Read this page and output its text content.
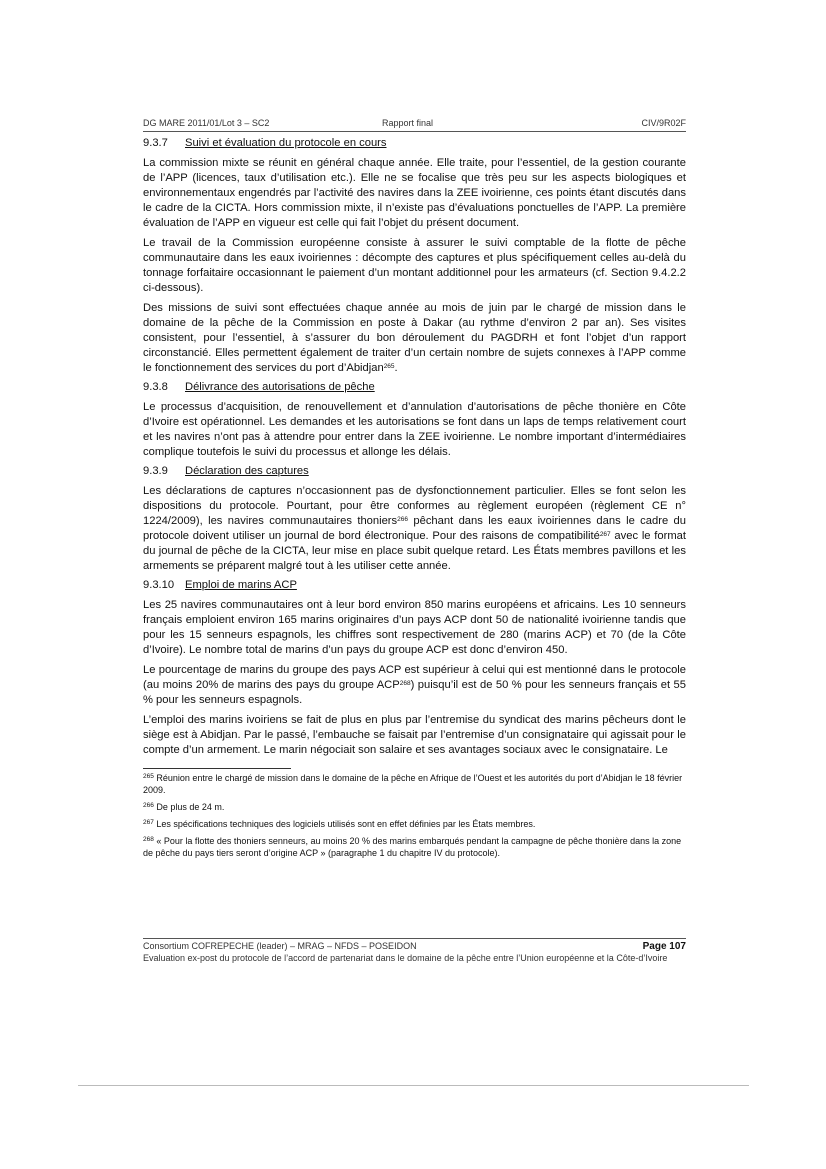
DG MARE 2011/01/Lot 3 – SC2	Rapport final	CIV/9R02F
9.3.7	Suivi et évaluation du protocole en cours

La commission mixte se réunit en général chaque année. Elle traite, pour l’essentiel, de la gestion courante de l’APP (licences, taux d’utilisation etc.). Elle ne se focalise que très peu sur les aspects biologiques et environnementaux engendrés par l’activité des navires dans la ZEE ivoirienne, ces points étant discutés dans le cadre de la CICTA. Hors commission mixte, il n’existe pas d’évaluations ponctuelles de l’APP. La première évaluation de l’APP en vigueur est celle qui fait l’objet du présent document.

Le travail de la Commission européenne consiste à assurer le suivi comptable de la flotte de pêche communautaire dans les eaux ivoiriennes : décompte des captures et plus spécifiquement celles au-delà du tonnage forfaitaire occasionnant le paiement d’un montant additionnel pour les armateurs (cf. Section 9.4.2.2 ci-dessous).

Des missions de suivi sont effectuées chaque année au mois de juin par le chargé de mission dans le domaine de la pêche de la Commission en poste à Dakar (au rythme d’environ 2 par an). Ses visites consistent, pour l’essentiel, à s’assurer du bon déroulement du PAGDRH et font l’objet d’un rapport circonstancié. Elles permettent également de traiter d’un certain nombre de sujets connexes à l’APP comme le fonctionnement des services du port d’Abidjan$^{265}$.

9.3.8	Délivrance des autorisations de pêche

Le processus d’acquisition, de renouvellement et d’annulation d’autorisations de pêche thonière en Côte d’Ivoire est opérationnel. Les demandes et les autorisations se font dans un laps de temps relativement court et les navires n’ont pas à attendre pour entrer dans la ZEE ivoirienne. Le nombre important d’intermédiaires complique toutefois le suivi du processus et allonge les délais.

9.3.9	Déclaration des captures

Les déclarations de captures n’occasionnent pas de dysfonctionnement particulier. Elles se font selon les dispositions du protocole. Pourtant, pour être conformes au règlement européen (règlement CE n° 1224/2009), les navires communautaires thoniers$^{266}$ pêchant dans les eaux ivoiriennes dans le cadre du protocole doivent utiliser un journal de bord électronique. Pour des raisons de compatibilité$^{267}$ avec le format du journal de pêche de la CICTA, leur mise en place subit quelque retard. Les États membres pavillons et les armements se préparent malgré tout à les utiliser cette année.

9.3.10 Emploi de marins ACP

Les 25 navires communautaires ont à leur bord environ 850 marins européens et africains. Les 10 senneurs français emploient environ 165 marins originaires d’un pays ACP dont 50 de nationalité ivoirienne tandis que pour les 15 senneurs espagnols, les chiffres sont respectivement de 280 (marins ACP) et 70 (de la Côte d’Ivoire). Le nombre total de marins d’un pays du groupe ACP est donc d’environ 450.

Le pourcentage de marins du groupe des pays ACP est supérieur à celui qui est mentionné dans le protocole (au moins 20% de marins des pays du groupe ACP$^{268}$) puisqu’il est de 50 % pour les senneurs français et 55 % pour les senneurs espagnols.

L’emploi des marins ivoiriens se fait de plus en plus par l’entremise du syndicat des marins pêcheurs dont le siège est à Abidjan. Par le passé, l’embauche se faisait par l’entremise d’un consignataire qui agissait pour le compte d’un armement. Le marin négociait son salaire et ses avantages sociaux avec le consignataire. Le

$^{265}$ Réunion entre le chargé de mission dans le domaine de la pêche en Afrique de l’Ouest et les autorités du port d’Abidjan le 18 février 2009.
$^{266}$ De plus de 24 m.
$^{267}$ Les spécifications techniques des logiciels utilisés sont en effet définies par les États membres.
$^{268}$ « Pour la flotte des thoniers senneurs, au moins 20 % des marins embarqués pendant la campagne de pêche thonière dans la zone de pêche du pays tiers seront d’origine ACP » (paragraphe 1 du chapitre IV du protocole).
Consortium COFREPECHE (leader) – MRAG – NFDS – POSEIDON	Page 107
Evaluation ex-post du protocole de l’accord de partenariat dans le domaine de la pêche entre l’Union européenne et la Côte-d’Ivoire
